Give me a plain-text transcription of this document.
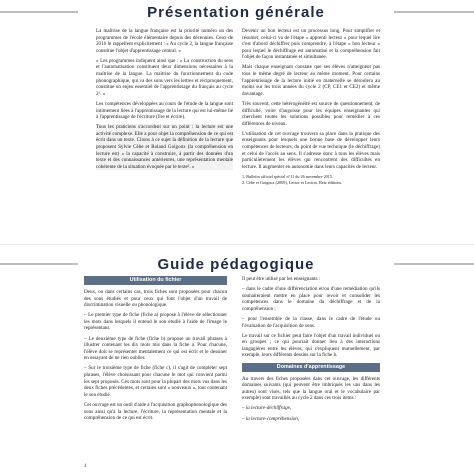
Présentation générale

La maîtrise de la langue française est la priorité numéro un des programmes de l'école élémentaire depuis des décennies. Ceux de 2016 le rappellent explicitement : « Au cycle 2, la langue française constitue l'objet d'apprentissage central. »

« Les programmes indiquent ainsi que : « La construction du sens et l'automatisation constituent deux dimensions nécessaires à la maîtrise de la langue. La maîtrise du fonctionnement du code phonographique, qui va des sons vers les lettres et réciproquement, constitue un enjeu essentiel de l'apprentissage du français au cycle 2¹. »

Les compétences développées au cours de l'étude de la langue sont intimement liées à l'apprentissage de la lecture qui est lui-même lié à l'apprentissage de l'écriture (lire et écrire).

Tous les praticiens s'accordent sur un point : la lecture est une activité complexe. Elle a pour objet la compréhension de ce qui est écrit dans un texte. Citons à ce sujet la définition de la lecture que proposent Sylvie Cèbe et Roland Goigoux (la compréhension en lecture est) « la capacité à construire, à partir des données d'un texte et des connaissances antérieures, une représentation mentale cohérente de la situation évoquée par le texte². »

Devenir un bon lecteur est un processus long. Pour simplifier et résumer, celui-ci va de l'étape « apprenti lecteur » pour lequel lire c'est d'abord déchiffrer puis comprendre, à l'étape « bon lecteur » pour lequel le déchiffrage est automatisé et la compréhension fait l'objet de façon instantanée et simultanée.

Mais chaque enseignant constate que ses élèves n'atteignent pas tous le même degré de lecteur au même moment. Pour certains l'apprentissage de la lecture initié en maternelle se déroulera au moins sur les trois années du cycle 2 (CP, CE1 et CE2) et même davantage.

Très souvent, cette hétérogénéité est source de questionnement, de difficulté, voire d'angoisse pour les équipes enseignantes qui cherchent toutes les solutions possibles pour remédier à ces différences de niveau.

L'utilisation de cet ouvrage trouvera sa place dans la pratique des enseignants pour lesquels une bonne base de développer leurs compétences de lecteurs, du point de vue technique (le déchiffrage) et celui de l'accès au sens. Il s'adresse donc à tous les élèves mais particulièrement les élèves qui rencontrent des difficultés en lecture. Il augmenter en autonomie dans leurs capacités de lecteur.

1. Bulletin officiel spécial n°11 du 26 novembre 2015.
2. Cèbe et Goigoux (2009), Lector et Lectrix, Retz éditions.
Guide pédagogique
Utilisation du fichier

Deux, ou dans certains cas, trois fiches sont proposées pour chacun des sons étudiés et pour ceux qui font l'objet d'un travail de discrimination visuelle ou phonologique.

– Le premier type de fiche (fiche a) propose à l'élève de sélectionner les mots dans lesquels il entend le son étudié à l'aide de l'image le représentant.

– Le deuxième type de fiche (fiche b) propose un travail phrases à illustrer contenant les dix mots mis dans la fiche a. Pour chacune, l'élève doit se représenter mentalement ce qui est écrit et le dessiner en essayant de ne rien oublier.

– Sur le troisième type de fiche (fiche c), il s'agit de compléter sept phrases, l'élève choisissant pour chacune le mot qui convient parmi les sept proposés. Ces mots sont pour la plupart des mots vus dans les deux fiches précédentes, et certains sont « nouveaux », tout contenant le son étudié.

Cet ouvrage est un outil d'aide à l'acquisition graphophonologique des sons ainsi qu'à la lecture, l'écriture, la représentation mentale et la compréhension de ce qui est écrit.

Il peut être utilisé par les enseignants :

– dans le cadre d'une différenciation et/ou d'une remédiation qu'ils souhaiteraient mettre en place pour revoir et consolider les compétences dans le domaine du déchiffrage et de la compréhension ;

– pour l'ensemble de la classe, dans le cadre de l'étude ou l'évaluation de l'acquisition de sons.

Le travail sur ce fichier peut faire l'objet d'un travail individuel ou en groupes ; ce qui pourrait donner lieu à des interactions langagières entre les élèves, qui s'expliquent mutuellement, par exemple, leurs différents dessins sur la fiche b.

Domaines d'apprentissage

Au travers des fiches proposées dans cet ouvrage, les différents domaines suivants (qui peuvent être imbriqués les uns dans les autres) sont visés, tels que la langue oral et le vocabulaire par exemple) sont travaillés au cycle 2 dans ces trois items :

– la lecture-déchiffrage,

– la lecture-compréhension,

4
